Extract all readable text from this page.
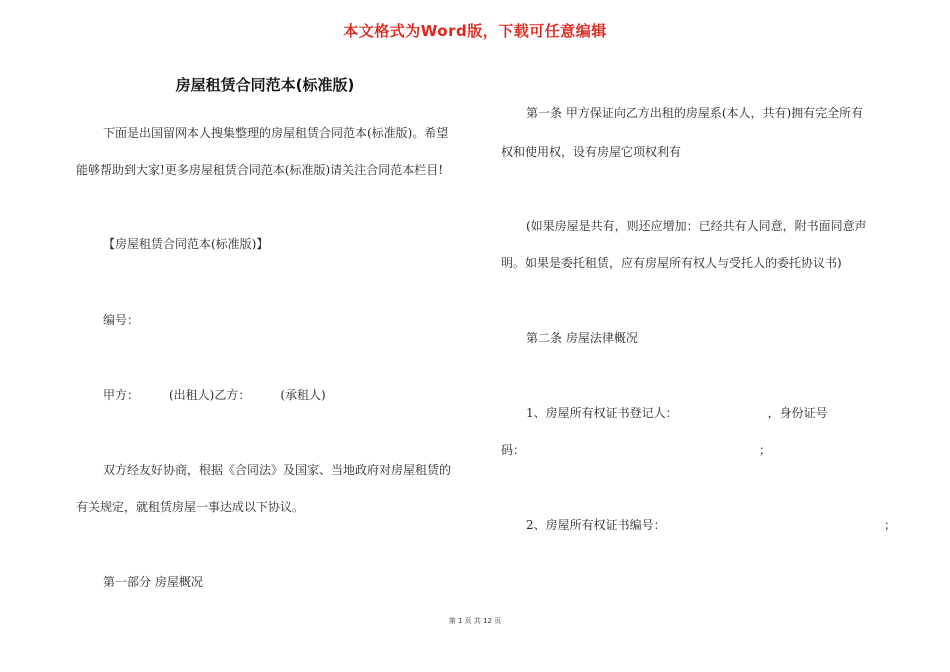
本文格式为Word版，下载可任意编辑
房屋租赁合同范本(标准版)
下面是出国留网本人搜集整理的房屋租赁合同范本(标准版)。希望
能够帮助到大家!更多房屋租赁合同范本(标准版)请关注合同范本栏目!
【房屋租赁合同范本(标准版)】
编号：
甲方：　　　(出租人)乙方：　　　(承租人)
双方经友好协商，根据《合同法》及国家、当地政府对房屋租赁的
有关规定，就租赁房屋一事达成以下协议。
第一部分 房屋概况
第一条 甲方保证向乙方出租的房屋系(本人，共有)拥有完全所有
权和使用权，设有房屋它项权利有
(如果房屋是共有，则还应增加：已经共有人同意，附书面同意声
明。如果是委托租赁，应有房屋所有权人与受托人的委托协议书)
第二条 房屋法律概况
1、房屋所有权证书登记人：　　　　　　　　，身份证号
码：　　　　　　　　　　　　　　　　　　　　；
2、房屋所有权证书编号：	；
第 1 页 共 12 页
